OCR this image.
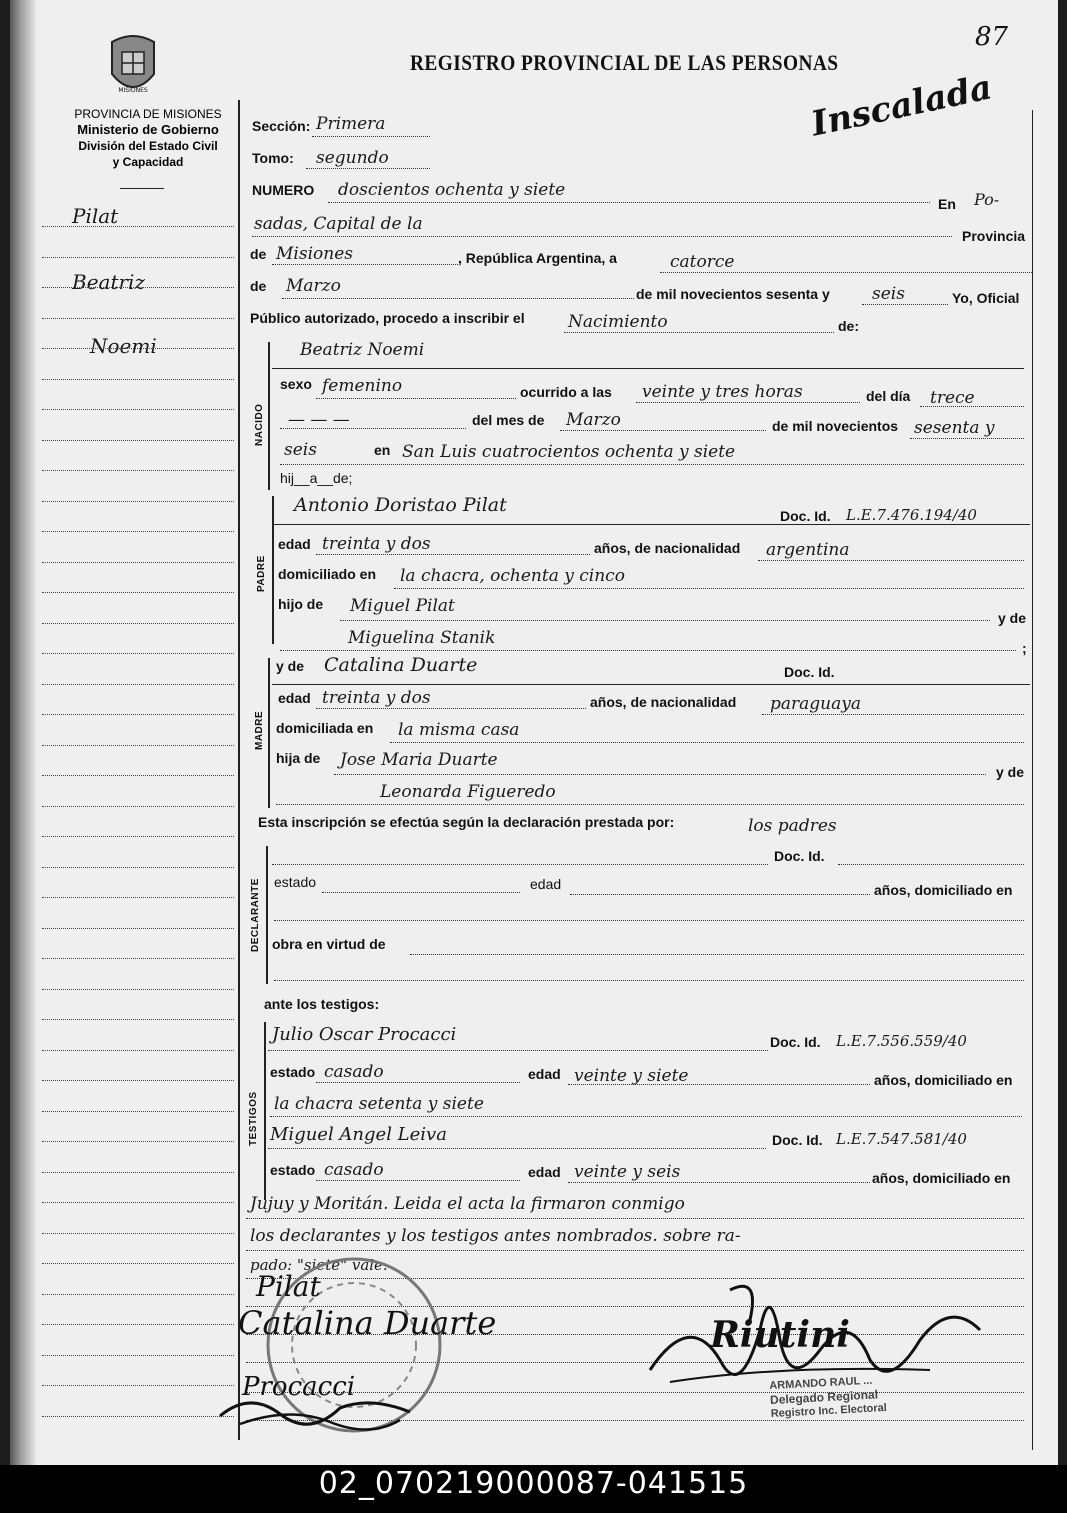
MISIONES
PROVINCIA DE MISIONES
Ministerio de Gobierno
División del Estado Civil
y Capacidad
REGISTRO PROVINCIAL DE LAS PERSONAS
87
Inscalada
Pilat
Beatriz
Noemi
Sección: Primera
Tomo: segundo
NUMERO doscientos ochenta y siete
En Po-
sadas, Capital de la
Provincia
de Misiones	, República Argentina, a	catorce
de Marzo	de mil novecientos sesenta y seis	Yo, Oficial
Público autorizado, procedo a inscribir el	Nacimiento	de:
NACIDO
Beatriz Noemi
sexo femenino	ocurrido a las veinte y tres horas	del día trece
— — —	del mes de Marzo	de mil novecientos sesenta y
seis	en San Luis cuatrocientos ochenta y siete
hij__a__de;
PADRE
Antonio Doristao Pilat	Doc. Id. L.E.7.476.194/40
edad treinta y dos	años, de nacionalidad argentina
domiciliado en la chacra, ochenta y cinco
hijo de Miguel Pilat
y de
Miguelina Stanik	;
MADRE
y de Catalina Duarte	Doc. Id.
edad treinta y dos	años, de nacionalidad paraguaya
domiciliada en la misma casa
hija de Jose Maria Duarte
y de
Leonarda Figueredo
Esta inscripción se efectúa según la declaración prestada por:	los padres
DECLARANTE
Doc. Id.
estado	edad	años, domiciliado en
obra en virtud de
ante los testigos:
TESTIGOS
Julio Oscar Procacci	Doc. Id. L.E.7.556.559/40
estado casado	edad veinte y siete	años, domiciliado en
la chacra setenta y siete
Miguel Angel Leiva	Doc. Id. L.E.7.547.581/40
estado casado	edad veinte y seis	años, domiciliado en
Jujuy y Moritán. Leida el acta la firmaron conmigo
los declarantes y los testigos antes nombrados. sobre ra-
pado: "siete" vale.
Pilat
Catalina Duarte
Procacci
Riutini
ARMANDO RAUL ...
Delegado Regional
Registro Inc. Electoral
02_070219000087-041515
